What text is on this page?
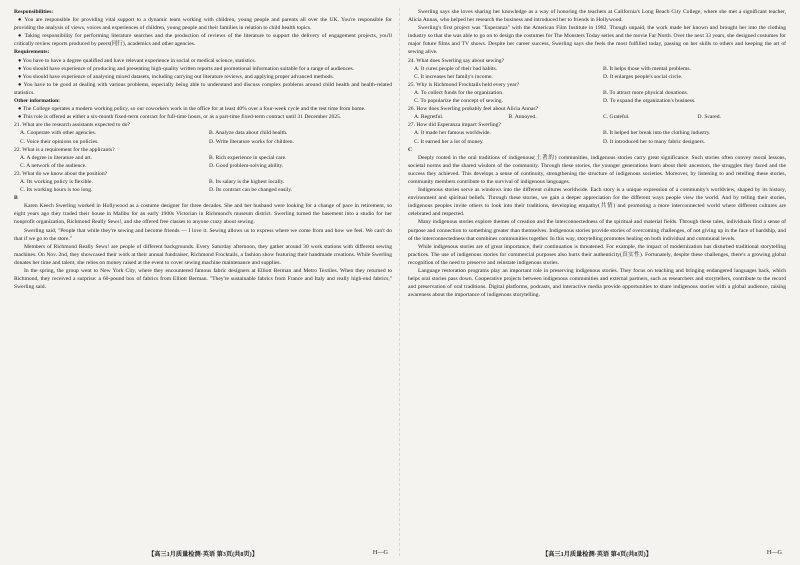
Responsibilities:

● You are responsible for providing vital support to a dynamic team working with children, young people and parents all over the UK. You're responsible for providing the analysis of views, voices and experiences of children, young people and their families in relation to child health topics.

● Taking responsibility for performing literature searches and the production of reviews of the literature to support the delivery of engagement projects, you'll critically review reports produced by peers(同行), academics and other agencies.

Requirements:

● You have to have a degree qualified and have relevant experience in social or medical science, statistics.

● You should have experience of producing and presenting high-quality written reports and promotional information suitable for a range of audiences.

● You should have experience of analysing mixed datasets, including carrying out literature reviews, and applying proper advanced methods.

● You have to be good at dealing with various problems, especially being able to understand and discuss complex problems around child health and health-related statistics.

Other information:

● The College operates a modern working policy, so our coworkers work in the office for at least 40% over a four-week cycle and the rest time from home.

● This role is offered as either a six-month fixed-term contract for full-time hours, or as a part-time fixed-term contract until 31 December 2025.

21. What are the research assistants expected to do?

A. Cooperate with other agencies.	B. Analyze data about child health.
C. Voice their opinions on policies.	D. Write literature works for children.

22. What is a requirement for the applicants?

A. A degree in literature and art.	B. Rich experience in special care.
C. A network of the audience.	D. Good problem-solving ability.

23. What do we know about the position?

A. Its working policy is flexible.	B. Its salary is the highest locally.
C. Its working hours is too long.	D. Its contract can be changed easily.

B

Karen Keech Swerling worked in Hollywood as a costume designer for three decades. She and her husband were looking for a change of pace in retirement, so eight years ago they traded their house in Malibu for an early 1900s Victorian in Richmond's museum district. Swerling turned the basement into a studio for her nonprofit organization, Richmond Really Sews!, and she offered free classes to anyone crazy about sewing.

Swerling said, "People that while they're sewing and become friends — I love it. Sewing allows us to express where we come from and how we feel. We can't do that if we go to the store."

Members of Richmond Really Sews! are people of different backgrounds. Every Saturday afternoon, they gather around 30 work stations with different sewing machines. On Nov. 2nd, they showcased their work at their annual fundraiser, Richmond Frocktails, a fashion show featuring their handmade creations. While Swerling donates her time and talent, she relies on money raised at the event to cover sewing machine maintenance and supplies.

In the spring, the group went to New York City, where they encountered famous fabric designers at Elliott Berman and Metro Textiles. When they returned to Richmond, they received a surprise: a 60-pound box of fabrics from Elliott Berman. "They're sustainable fabrics from France and Italy and really high-end fabrics," Swerling said.

Swerling says she loves sharing her knowledge as a way of honoring the teachers at California's Long Beach City College, where she met a significant teacher, Alicia Annas, who helped her research the business and introduced her to friends in Hollywood.

Swerling's first project was "Esperanza" with the American Film Institute in 1982. Though unpaid, the work made her known and brought her into the clothing industry so that she was able to go on to design the costumes for The Monsters Today series and the movie Far North. Over the next 33 years, she designed costumes for major future films and TV shows. Despite her career success, Swerling says she feels the most fulfilled today, passing on her skills to others and keeping the art of sewing alive.

24. What does Swerling say about sewing?

A. It cures people of their bad habits.	B. It helps those with mental problems.
C. It increases her family's income.	D. It enlarges people's social circle.

25. Why is Richmond Frocktails held every year?

A. To collect funds for the organization.	B. To attract more physical donations.
C. To popularize the concept of sewing.	D. To expand the organization's business.

26. How does Swerling probably feel about Alicia Annas?

A. Regretful.	B. Annoyed.	C. Grateful.	D. Scared.

27. How did Esperanza impact Swerling?

A. It made her famous worldwide.	B. It helped her break into the clothing industry.
C. It earned her a lot of money.	D. It introduced her to many fabric designers.

C

Deeply rooted in the oral traditions of indigenous(土著的) communities, indigenous stories carry great significance. Such stories often convey moral lessons, societal norms and the shared wisdom of the community. Through these stories, the younger generations learn about their ancestors, the struggles they faced and the success they achieved. This develops a sense of continuity, strengthening the structure of indigenous societies. Moreover, by listening to and retelling these stories, community members contribute to the survival of indigenous languages.

Indigenous stories serve as windows into the different cultures worldwide. Each story is a unique expression of a community's worldview, shaped by its history, environment and spiritual beliefs. Through these stories, we gain a deeper appreciation for the different ways people view the world. And by telling their stories, indigenous peoples invite others to look into their traditions, developing empathy(共情) and promoting a more interconnected world where different cultures are celebrated and respected.

Many indigenous stories explore themes of creation and the interconnectedness of the spiritual and material fields. Through these tales, individuals find a sense of purpose and connection to something greater than themselves. Indigenous stories provide stories of overcoming challenges, of not giving up in the face of hardship, and of the interconnectedness that combines communities together. In this way, storytelling promotes healing on both individual and communal levels.

While indigenous stories are of great importance, their continuation is threatened. For example, the impact of modernization has disturbed traditional storytelling practices. The use of indigenous stories for commercial purposes also hurts their authenticity(真实性). Fortunately, despite these challenges, there's a growing global recognition of the need to preserve and reinstate indigenous stories.

Language restoration programs play an important role in preserving indigenous stories. They focus on teaching and bringing endangered languages back, which helps oral stories pass down. Cooperative projects between indigenous communities and external partners, such as researchers and storytellers, contribute to the record and preservation of oral traditions. Digital platforms, podcasts, and interactive media provide opportunities to share indigenous stories with a global audience, raising awareness about the importance of indigenous storytelling.

【高三1月质量检测·英语 第3页(共8页)】	H—G	【高三1月质量检测·英语 第4页(共8页)】	H—G
